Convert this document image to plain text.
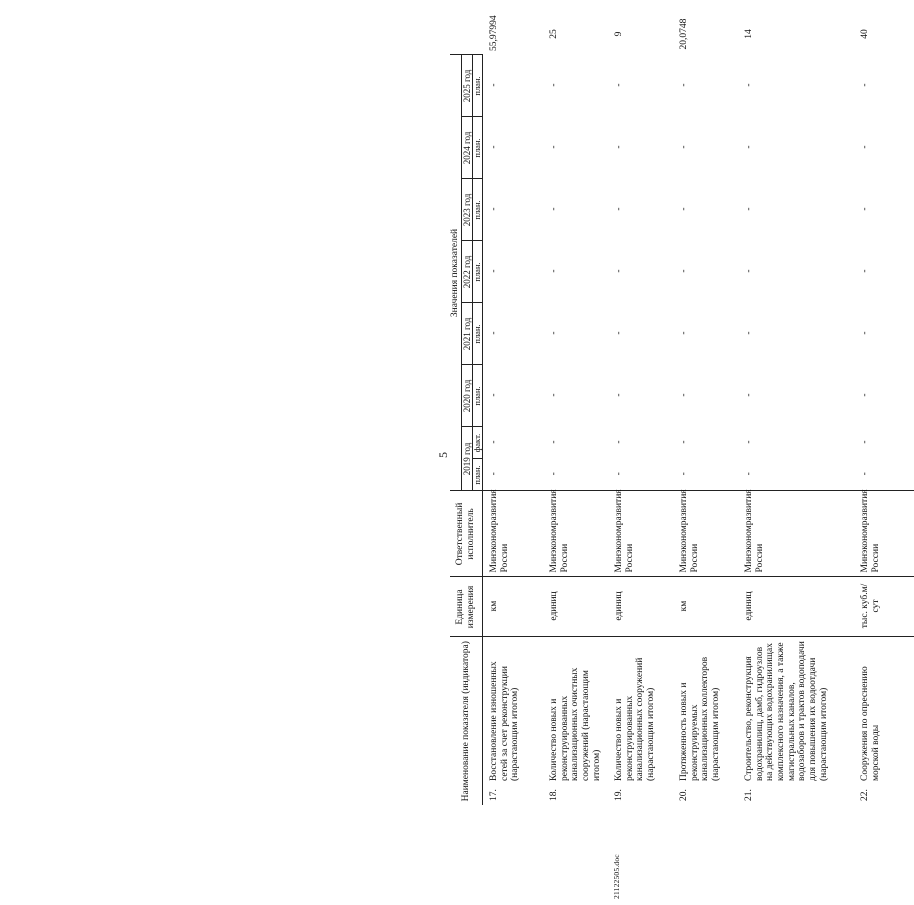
5
Наименование показателя (индикатора)		Единица измерения	Ответственный исполнитель	Значения показателей								
				2019 год		2020 год	2021 год	2022 год	2023 год	2024 год	2025 год	
				план.	факт.	план.	план.	план.	план.	план.	план.	
17.	Восстановление изношенных сетей за счет реконструкции (нарастающим итогом)	км	Минэкономразвития России	-	-	-	-	-	-	-	-	55,97994
18.	Количество новых и реконструированных канализационных очистных сооружений (нарастающим итогом)	единиц	Минэкономразвития России	-	-	-	-	-	-	-	-	25
19.	Количество новых и реконструированных канализационных сооружений (нарастающим итогом)	единиц	Минэкономразвития России	-	-	-	-	-	-	-	-	9
20.	Протяженность новых и реконструируемых канализационных коллекторов (нарастающим итогом)	км	Минэкономразвития России	-	-	-	-	-	-	-	-	20,0748
21.	Строительство, реконструкция водохранилищ, дамб, гидроузлов на действующих водохранилищах комплексного назначения, а также магистральных каналов, водозаборов и трактов водоподачи для повышения их водоотдачи (нарастающим итогом)	единиц	Минэкономразвития России	-	-	-	-	-	-	-	-	14
22.	Сооружения по опреснению морской воды	тыс. куб.м/сут	Минэкономразвития России	-	-	-	-	-	-	-	-	40
21122505.doc
